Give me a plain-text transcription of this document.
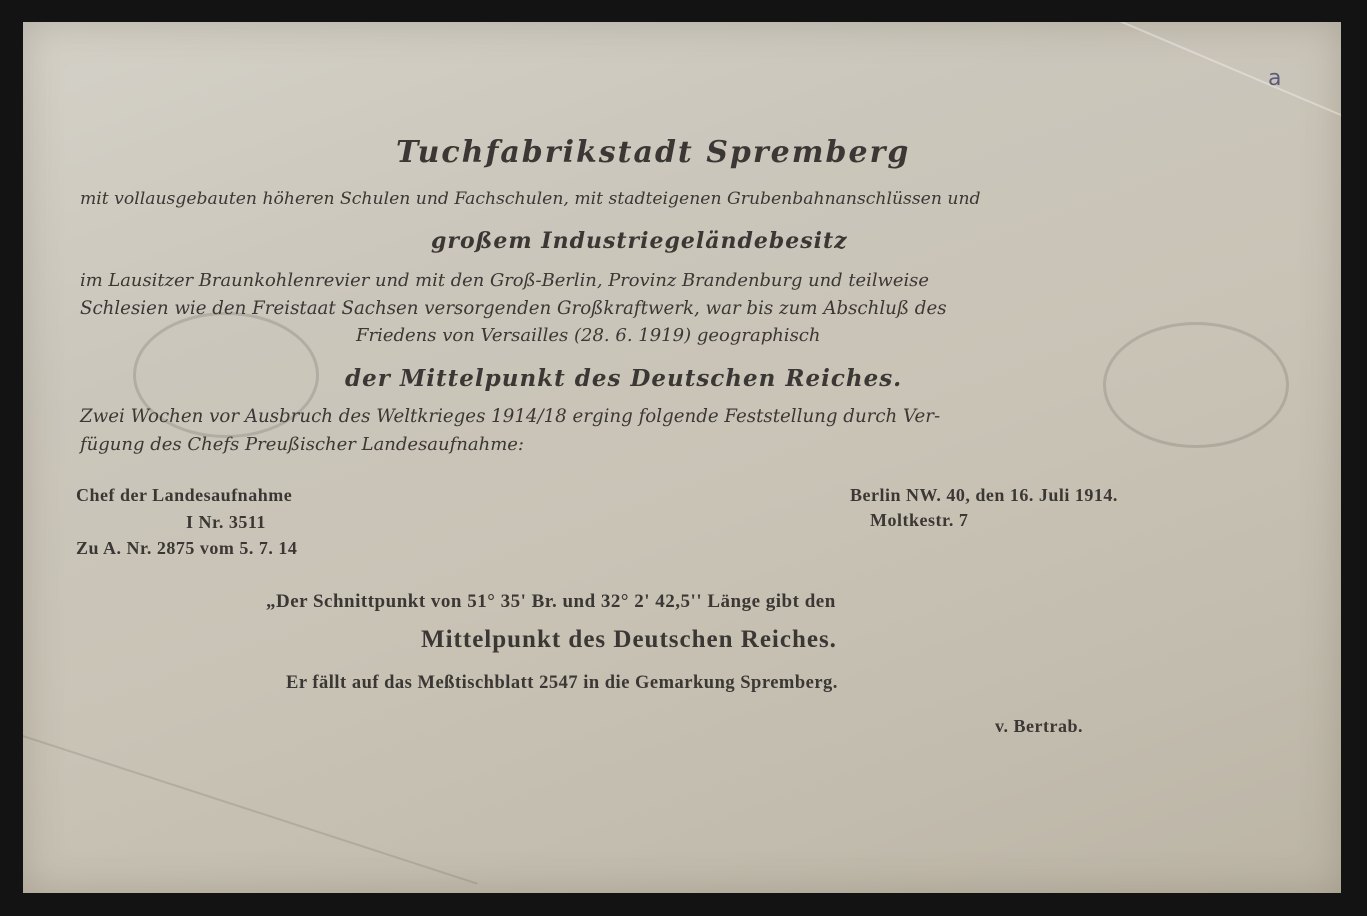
a
Tuchfabrikstadt Spremberg
mit vollausgebauten höheren Schulen und Fachschulen, mit stadteigenen Grubenbahnanschlüssen und
großem Industriegeländebesitz
im Lausitzer Braunkohlenrevier und mit den Groß-Berlin, Provinz Brandenburg und teilweise
Schlesien wie den Freistaat Sachsen versorgenden Großkraftwerk, war bis zum Abschluß des
Friedens von Versailles (28. 6. 1919) geographisch
der Mittelpunkt des Deutschen Reiches.
Zwei Wochen vor Ausbruch des Weltkrieges 1914/18 erging folgende Feststellung durch Ver-
fügung des Chefs Preußischer Landesaufnahme:
Chef der Landesaufnahme
I Nr. 3511
Zu A. Nr. 2875 vom 5. 7. 14
Berlin NW. 40, den 16. Juli 1914.
Moltkestr. 7
„Der Schnittpunkt von 51° 35' Br. und 32° 2' 42,5'' Länge gibt den
Mittelpunkt des Deutschen Reiches.
Er fällt auf das Meßtischblatt 2547 in die Gemarkung Spremberg.
v. Bertrab.
